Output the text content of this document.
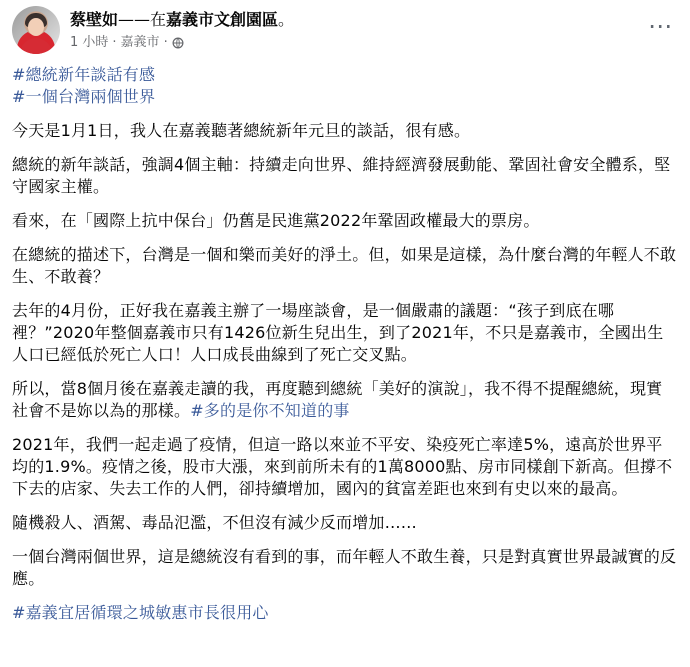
蔡壁如——在嘉義市文創園區。
1 小時 · 嘉義市 ·
⋯
#總統新年談話有感
#一個台灣兩個世界

今天是1月1日，我人在嘉義聽著總統新年元旦的談話，很有感。

總統的新年談話，強調4個主軸：持續走向世界、維持經濟發展動能、鞏固社會安全體系，堅守國家主權。

看來，在「國際上抗中保台」仍舊是民進黨2022年鞏固政權最大的票房。

在總統的描述下，台灣是一個和樂而美好的淨土。但，如果是這樣，為什麼台灣的年輕人不敢生、不敢養？

去年的4月份，正好我在嘉義主辦了一場座談會，是一個嚴肅的議題：“孩子到底在哪裡？”2020年整個嘉義市只有1426位新生兒出生，到了2021年，不只是嘉義市，全國出生人口已經低於死亡人口！人口成長曲線到了死亡交叉點。

所以，當8個月後在嘉義走讀的我，再度聽到總統「美好的演說」，我不得不提醒總統，現實社會不是妳以為的那樣。#多的是你不知道的事

2021年，我們一起走過了疫情，但這一路以來並不平安、染疫死亡率達5%，遠高於世界平均的1.9%。疫情之後，股市大漲，來到前所未有的1萬8000點、房市同樣創下新高。但撐不下去的店家、失去工作的人們，卻持續增加，國內的貧富差距也來到有史以來的最高。

隨機殺人、酒駕、毒品氾濫，不但沒有減少反而增加……

一個台灣兩個世界，這是總統沒有看到的事，而年輕人不敢生養，只是對真實世界最誠實的反應。

#嘉義宜居循環之城敏惠市長很用心
